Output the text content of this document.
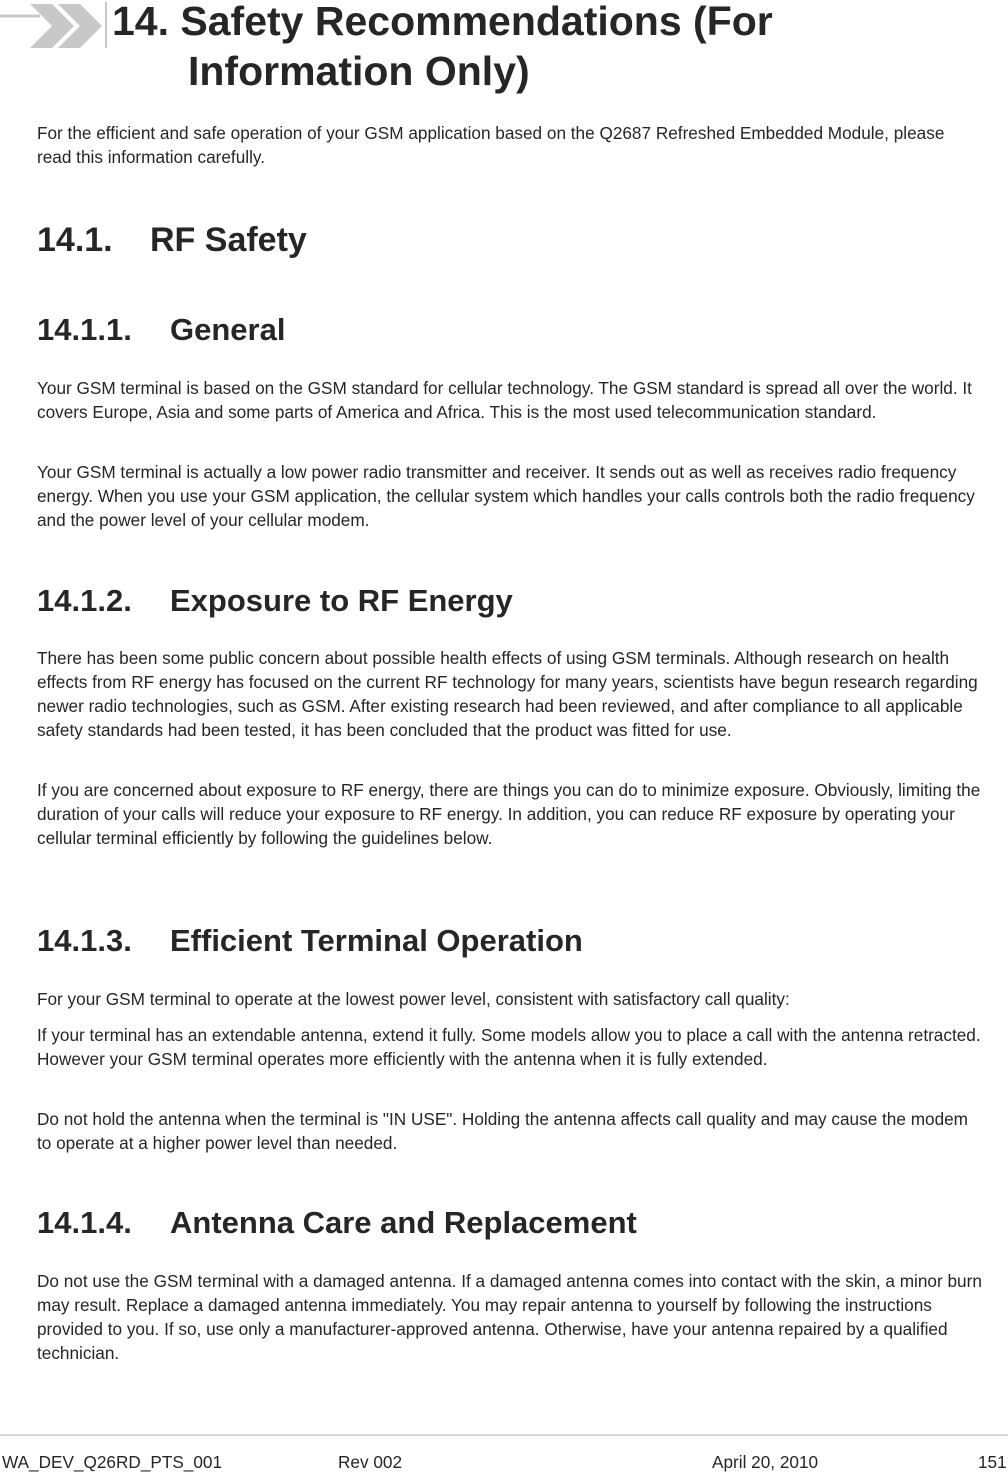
14. Safety Recommendations (For
Information Only)

For the efficient and safe operation of your GSM application based on the Q2687 Refreshed Embedded Module, please read this information carefully.

14.1. RF Safety
14.1.1. General

Your GSM terminal is based on the GSM standard for cellular technology. The GSM standard is spread all over the world. It covers Europe, Asia and some parts of America and Africa. This is the most used telecommunication standard.

Your GSM terminal is actually a low power radio transmitter and receiver. It sends out as well as receives radio frequency energy. When you use your GSM application, the cellular system which handles your calls controls both the radio frequency and the power level of your cellular modem.

14.1.2. Exposure to RF Energy

There has been some public concern about possible health effects of using GSM terminals. Although research on health effects from RF energy has focused on the current RF technology for many years, scientists have begun research regarding newer radio technologies, such as GSM. After existing research had been reviewed, and after compliance to all applicable safety standards had been tested, it has been concluded that the product was fitted for use.

If you are concerned about exposure to RF energy, there are things you can do to minimize exposure. Obviously, limiting the duration of your calls will reduce your exposure to RF energy. In addition, you can reduce RF exposure by operating your cellular terminal efficiently by following the guidelines below.

14.1.3. Efficient Terminal Operation

For your GSM terminal to operate at the lowest power level, consistent with satisfactory call quality:

If your terminal has an extendable antenna, extend it fully. Some models allow you to place a call with the antenna retracted. However your GSM terminal operates more efficiently with the antenna when it is fully extended.

Do not hold the antenna when the terminal is "IN USE". Holding the antenna affects call quality and may cause the modem to operate at a higher power level than needed.

14.1.4. Antenna Care and Replacement

Do not use the GSM terminal with a damaged antenna. If a damaged antenna comes into contact with the skin, a minor burn may result. Replace a damaged antenna immediately. You may repair antenna to yourself by following the instructions provided to you. If so, use only a manufacturer-approved antenna. Otherwise, have your antenna repaired by a qualified technician.

WA_DEV_Q26RD_PTS_001	Rev 002	April 20, 2010	151
